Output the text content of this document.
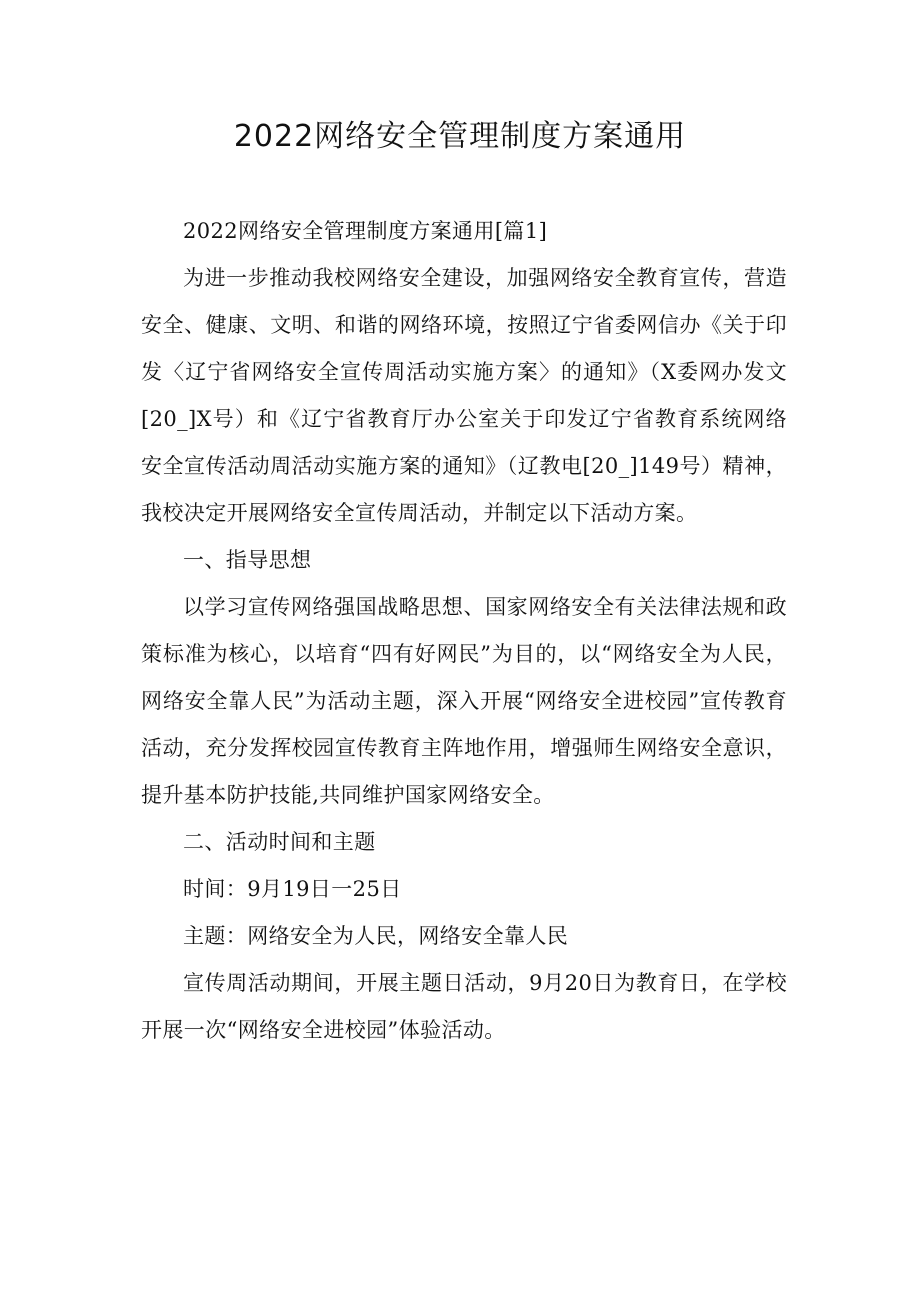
2022网络安全管理制度方案通用

2022网络安全管理制度方案通用[篇1]

为进一步推动我校网络安全建设，加强网络安全教育宣传，营造安全、健康、文明、和谐的网络环境，按照辽宁省委网信办《关于印发〈辽宁省网络安全宣传周活动实施方案〉的通知》（X委网办发文[20_]X号）和《辽宁省教育厅办公室关于印发辽宁省教育系统网络安全宣传活动周活动实施方案的通知》（辽教电[20_]149号）精神，我校决定开展网络安全宣传周活动，并制定以下活动方案。

一、指导思想

以学习宣传网络强国战略思想、国家网络安全有关法律法规和政策标准为核心，以培育“四有好网民”为目的，以“网络安全为人民，网络安全靠人民”为活动主题，深入开展“网络安全进校园”宣传教育活动，充分发挥校园宣传教育主阵地作用，增强师生网络安全意识，提升基本防护技能,共同维护国家网络安全。

二、活动时间和主题

时间：9月19日一25日

主题：网络安全为人民，网络安全靠人民

宣传周活动期间，开展主题日活动，9月20日为教育日，在学校开展一次“网络安全进校园”体验活动。
